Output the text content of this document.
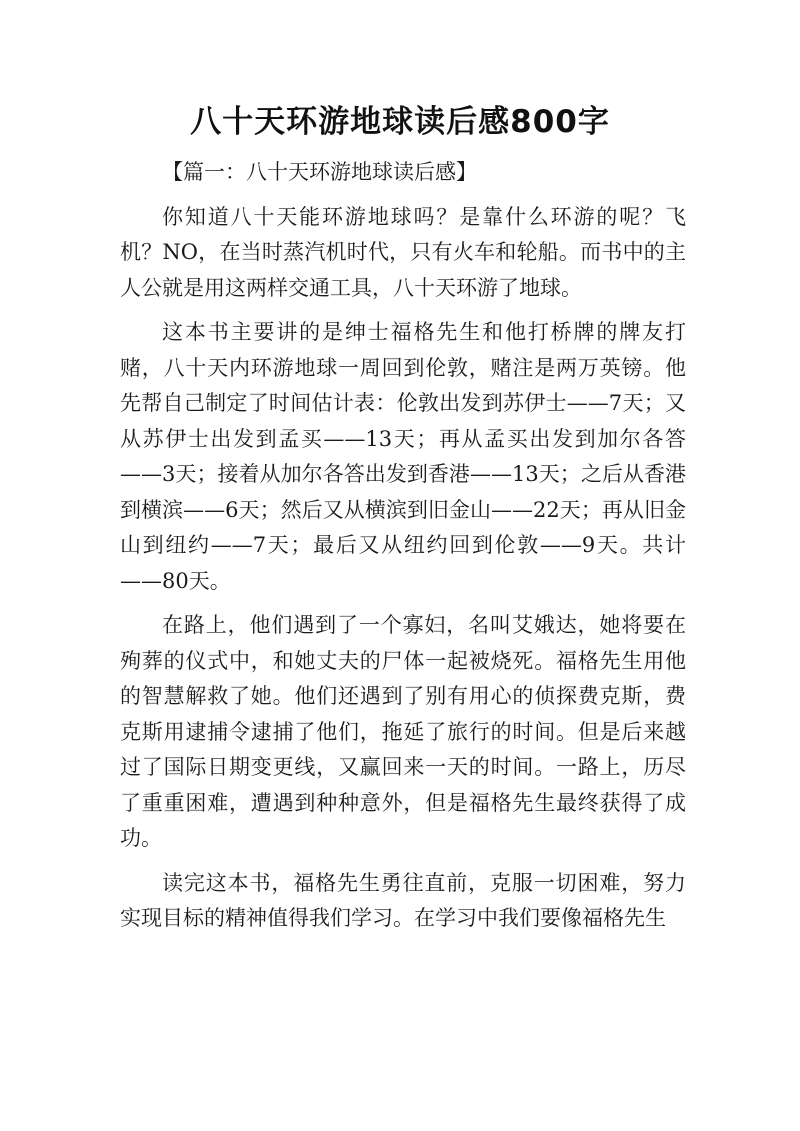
八十天环游地球读后感800字

【篇一：八十天环游地球读后感】

你知道八十天能环游地球吗？是靠什么环游的呢？飞机？NO，在当时蒸汽机时代，只有火车和轮船。而书中的主人公就是用这两样交通工具，八十天环游了地球。

这本书主要讲的是绅士福格先生和他打桥牌的牌友打赌，八十天内环游地球一周回到伦敦，赌注是两万英镑。他先帮自己制定了时间估计表：伦敦出发到苏伊士——7天；又从苏伊士出发到孟买——13天；再从孟买出发到加尔各答——3天；接着从加尔各答出发到香港——13天；之后从香港到横滨——6天；然后又从横滨到旧金山——22天；再从旧金山到纽约——7天；最后又从纽约回到伦敦——9天。共计——80天。

在路上，他们遇到了一个寡妇，名叫艾娥达，她将要在殉葬的仪式中，和她丈夫的尸体一起被烧死。福格先生用他的智慧解救了她。他们还遇到了别有用心的侦探费克斯，费克斯用逮捕令逮捕了他们，拖延了旅行的时间。但是后来越过了国际日期变更线，又赢回来一天的时间。一路上，历尽了重重困难，遭遇到种种意外，但是福格先生最终获得了成功。

读完这本书，福格先生勇往直前，克服一切困难，努力实现目标的精神值得我们学习。在学习中我们要像福格先生
